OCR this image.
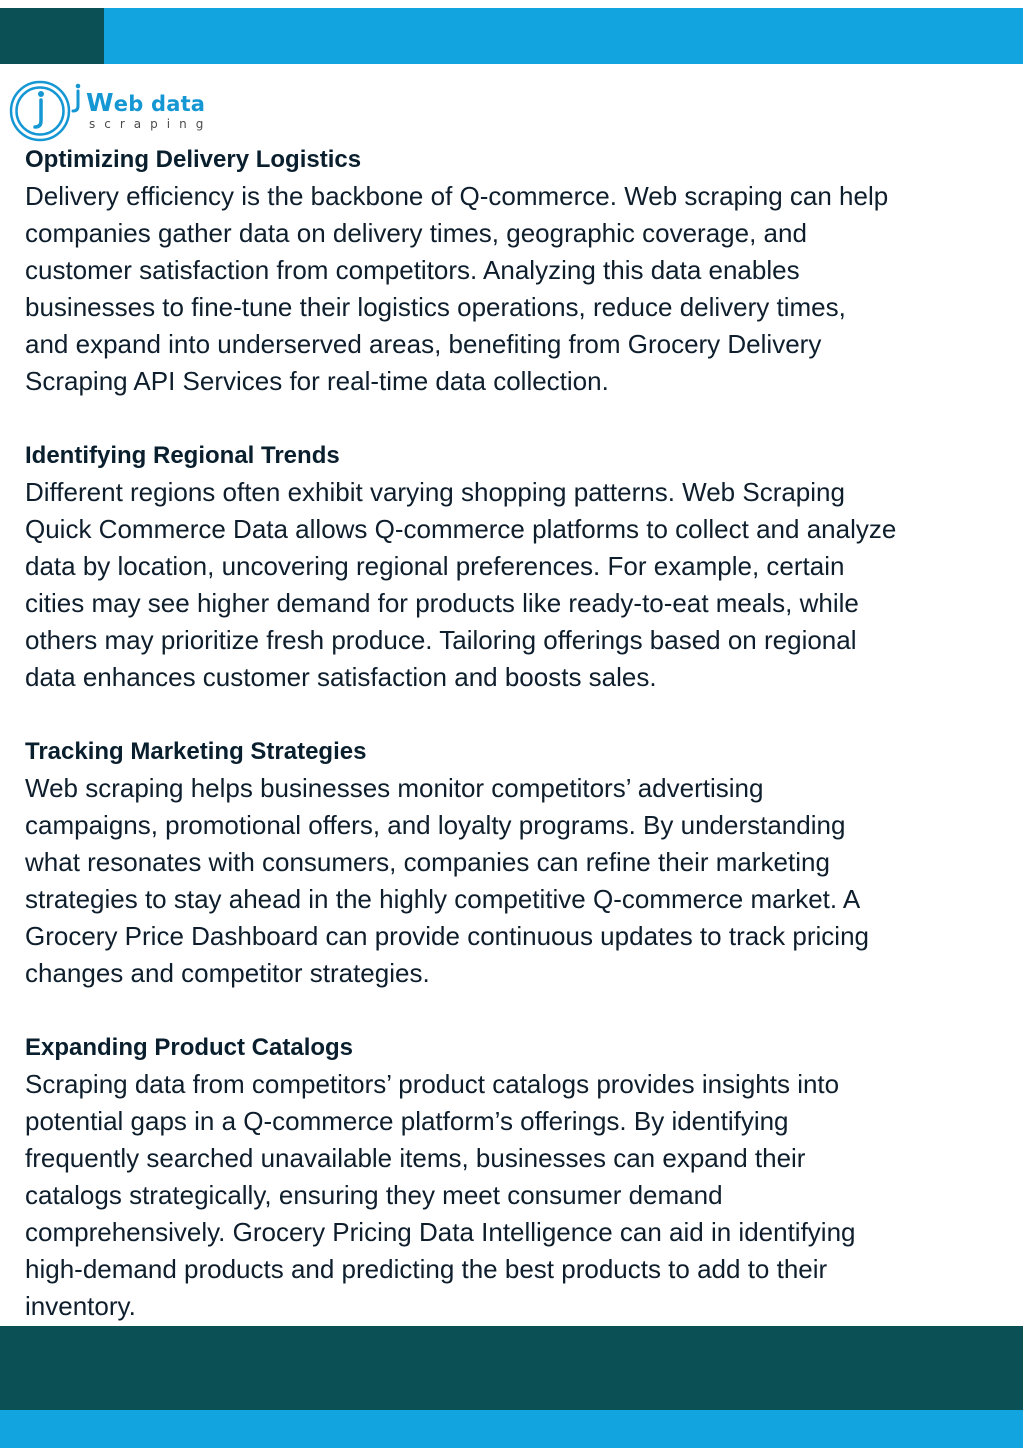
Web data
scraping
Optimizing Delivery Logistics
Delivery efficiency is the backbone of Q-commerce. Web scraping can help
companies gather data on delivery times, geographic coverage, and
customer satisfaction from competitors. Analyzing this data enables
businesses to fine-tune their logistics operations, reduce delivery times,
and expand into underserved areas, benefiting from Grocery Delivery
Scraping API Services for real-time data collection.
Identifying Regional Trends
Different regions often exhibit varying shopping patterns. Web Scraping
Quick Commerce Data allows Q-commerce platforms to collect and analyze
data by location, uncovering regional preferences. For example, certain
cities may see higher demand for products like ready-to-eat meals, while
others may prioritize fresh produce. Tailoring offerings based on regional
data enhances customer satisfaction and boosts sales.
Tracking Marketing Strategies
Web scraping helps businesses monitor competitors’ advertising
campaigns, promotional offers, and loyalty programs. By understanding
what resonates with consumers, companies can refine their marketing
strategies to stay ahead in the highly competitive Q-commerce market. A
Grocery Price Dashboard can provide continuous updates to track pricing
changes and competitor strategies.
Expanding Product Catalogs
Scraping data from competitors’ product catalogs provides insights into
potential gaps in a Q-commerce platform’s offerings. By identifying
frequently searched unavailable items, businesses can expand their
catalogs strategically, ensuring they meet consumer demand
comprehensively. Grocery Pricing Data Intelligence can aid in identifying
high-demand products and predicting the best products to add to their
inventory.
